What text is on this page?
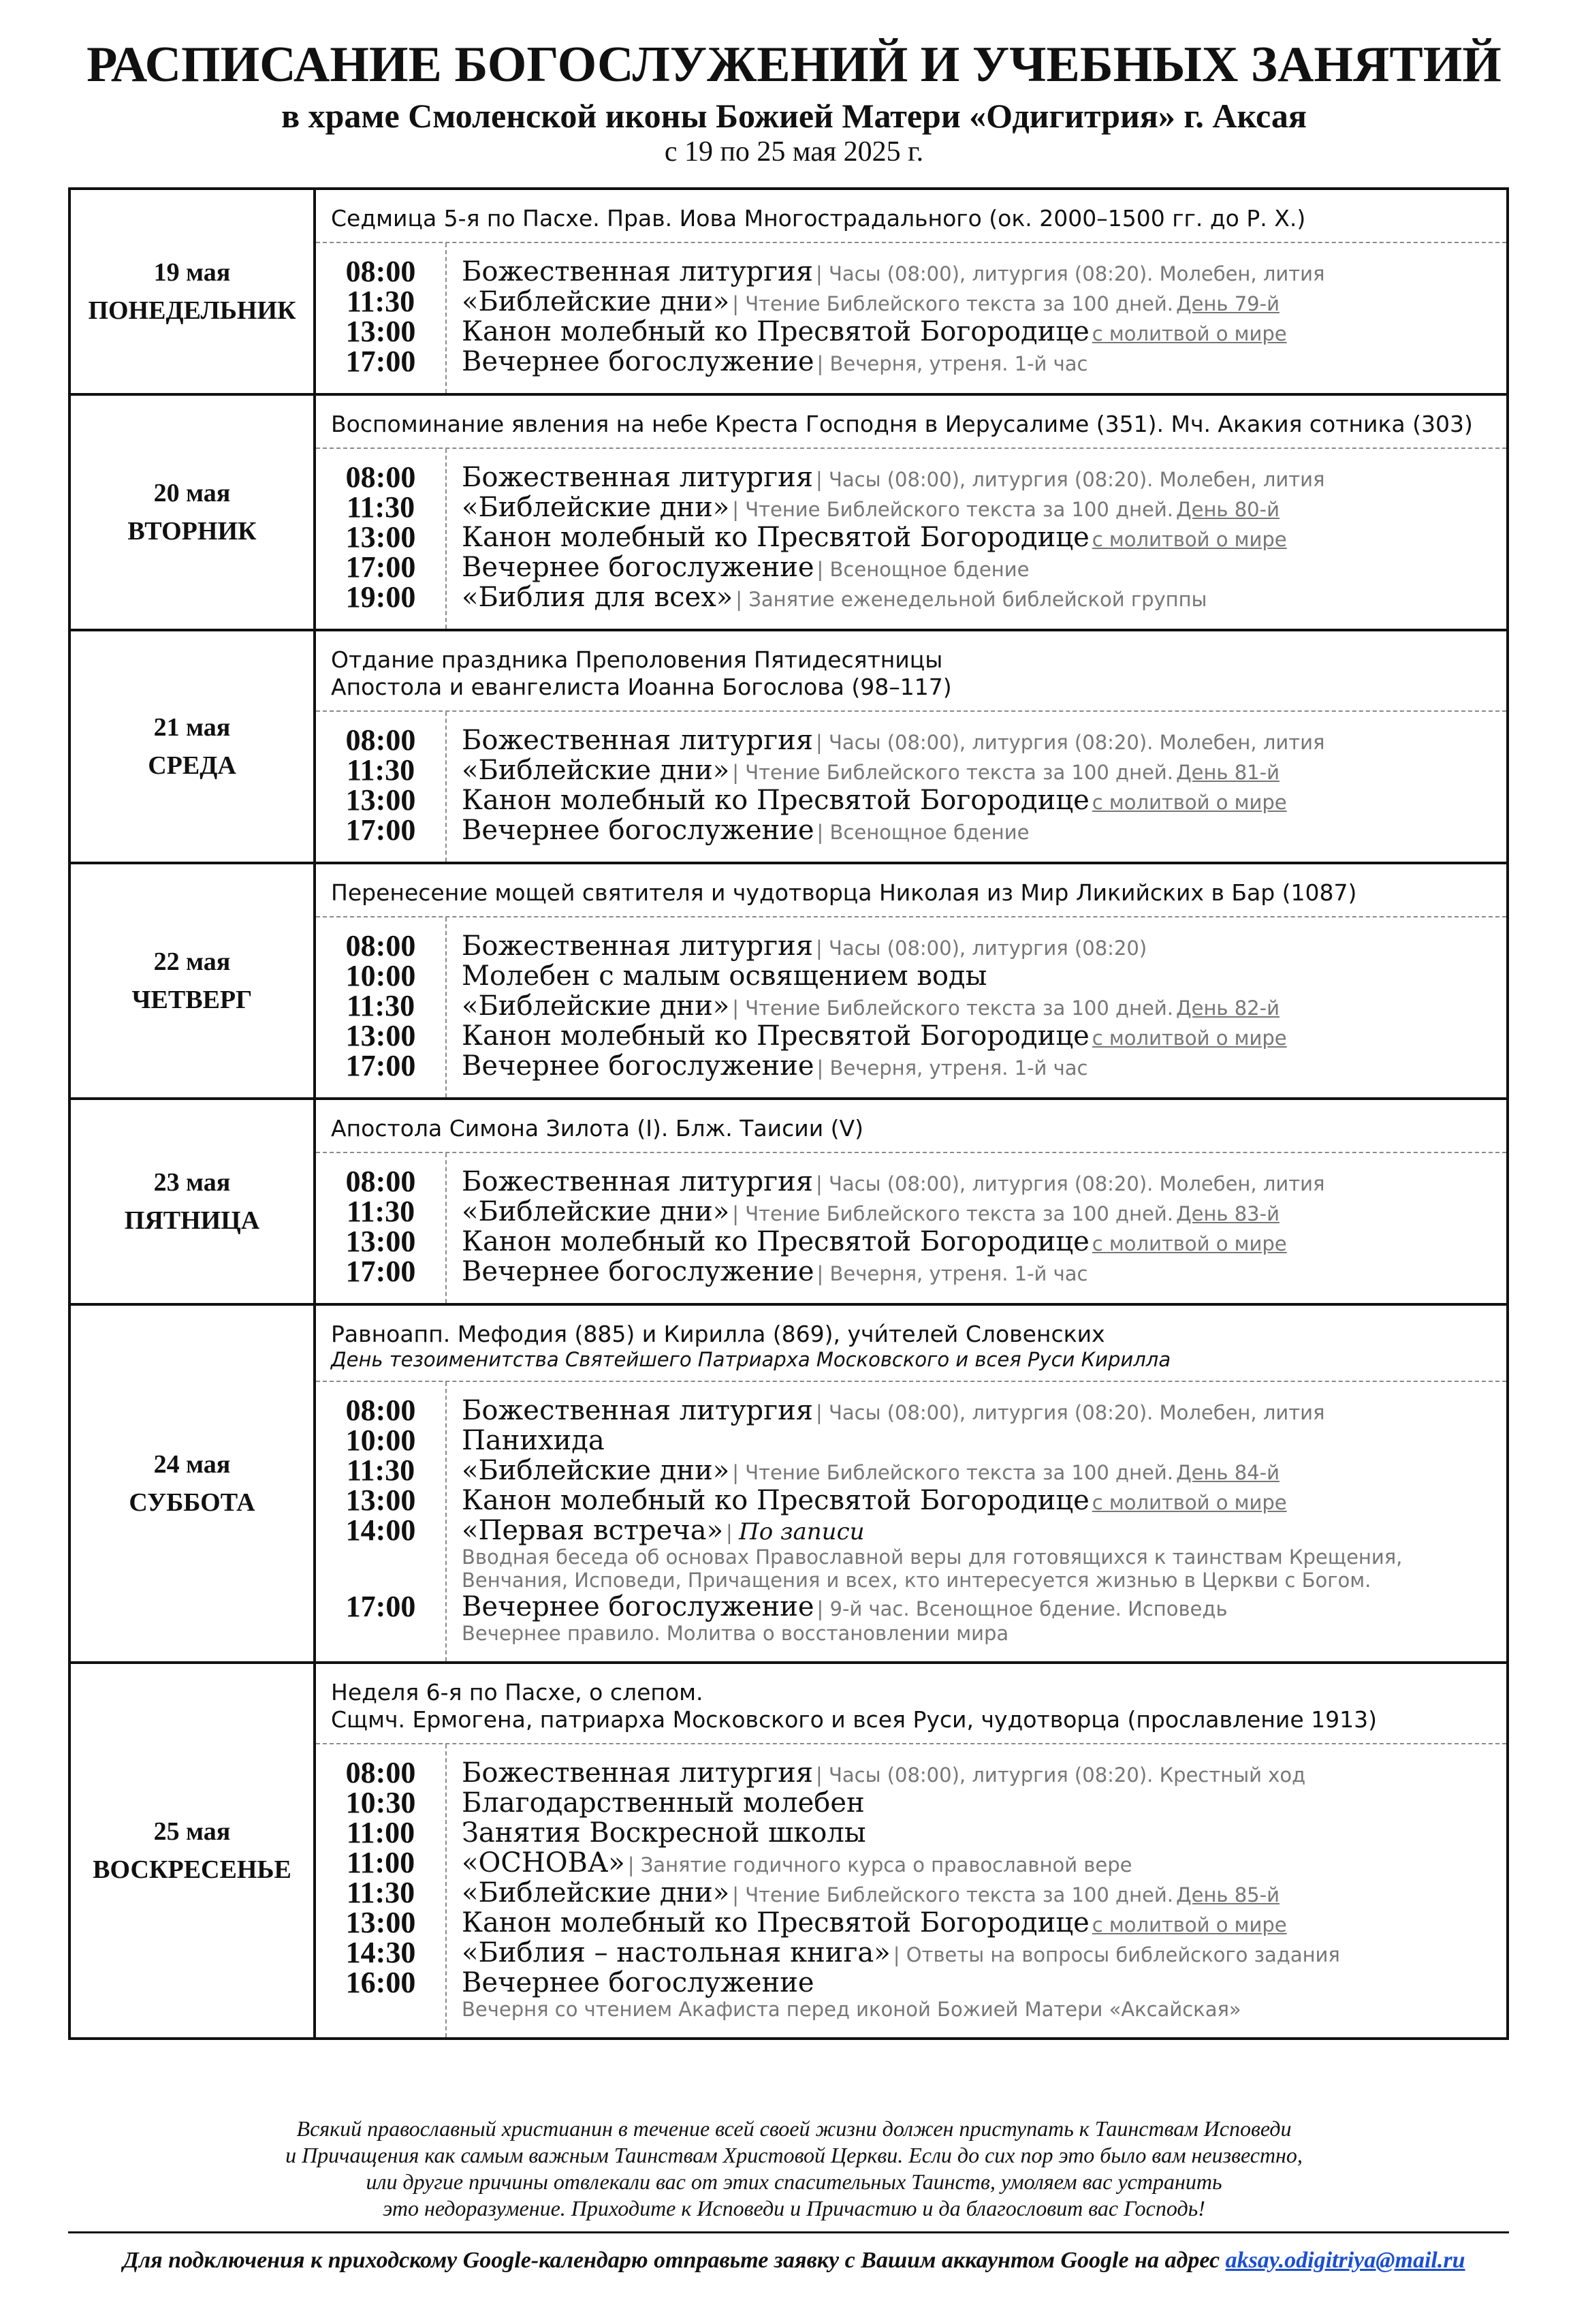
РАСПИСАНИЕ БОГОСЛУЖЕНИЙ И УЧЕБНЫХ ЗАНЯТИЙ
в храме Смоленской иконы Божией Матери «Одигитрия» г. Аксая
с 19 по 25 мая 2025 г.
19 мая
ПОНЕДЕЛЬНИК
Седмица 5-я по Пасхе. Прав. Иова Многострадального (ок. 2000–1500 гг. до Р. Х.)
08:00
11:30
13:00
17:00
Божественная литургия | Часы (08:00), литургия (08:20). Молебен, лития
«Библейские дни» | Чтение Библейского текста за 100 дней. День 79-й
Канон молебный ко Пресвятой Богородице с молитвой о мире
Вечернее богослужение | Вечерня, утреня. 1-й час
20 мая
ВТОРНИК
Воспоминание явления на небе Креста Господня в Иерусалиме (351). Мч. Акакия сотника (303)
08:00
11:30
13:00
17:00
19:00
Божественная литургия | Часы (08:00), литургия (08:20). Молебен, лития
«Библейские дни» | Чтение Библейского текста за 100 дней. День 80-й
Канон молебный ко Пресвятой Богородице с молитвой о мире
Вечернее богослужение | Всенощное бдение
«Библия для всех» | Занятие еженедельной библейской группы
21 мая
СРЕДА
Отдание праздника Преполовения Пятидесятницы
Апостола и евангелиста Иоанна Богослова (98–117)
08:00
11:30
13:00
17:00
Божественная литургия | Часы (08:00), литургия (08:20). Молебен, лития
«Библейские дни» | Чтение Библейского текста за 100 дней. День 81-й
Канон молебный ко Пресвятой Богородице с молитвой о мире
Вечернее богослужение | Всенощное бдение
22 мая
ЧЕТВЕРГ
Перенесение мощей святителя и чудотворца Николая из Мир Ликийских в Бар (1087)
08:00
10:00
11:30
13:00
17:00
Божественная литургия | Часы (08:00), литургия (08:20)
Молебен с малым освящением воды
«Библейские дни» | Чтение Библейского текста за 100 дней. День 82-й
Канон молебный ко Пресвятой Богородице с молитвой о мире
Вечернее богослужение | Вечерня, утреня. 1-й час
23 мая
ПЯТНИЦА
Апостола Симона Зилота (I). Блж. Таисии (V)
08:00
11:30
13:00
17:00
Божественная литургия | Часы (08:00), литургия (08:20). Молебен, лития
«Библейские дни» | Чтение Библейского текста за 100 дней. День 83-й
Канон молебный ко Пресвятой Богородице с молитвой о мире
Вечернее богослужение | Вечерня, утреня. 1-й час
24 мая
СУББОТА
Равноапп. Мефодия (885) и Кирилла (869), учи́телей Словенских
День тезоименитства Святейшего Патриарха Московского и всея Руси Кирилла
08:00
10:00
11:30
13:00
14:00
17:00
Божественная литургия | Часы (08:00), литургия (08:20). Молебен, лития
Панихида
«Библейские дни» | Чтение Библейского текста за 100 дней. День 84-й
Канон молебный ко Пресвятой Богородице с молитвой о мире
«Первая встреча» | По записи
Вводная беседа об основах Православной веры для готовящихся к таинствам Крещения,
Венчания, Исповеди, Причащения и всех, кто интересуется жизнью в Церкви с Богом.
Вечернее богослужение | 9-й час. Всенощное бдение. Исповедь
Вечернее правило. Молитва о восстановлении мира
25 мая
ВОСКРЕСЕНЬЕ
Неделя 6-я по Пасхе, о слепом.
Сщмч. Ермогена, патриарха Московского и всея Руси, чудотворца (прославление 1913)
08:00
10:30
11:00
11:00
11:30
13:00
14:30
16:00
Божественная литургия | Часы (08:00), литургия (08:20). Крестный ход
Благодарственный молебен
Занятия Воскресной школы
«ОСНОВА» | Занятие годичного курса о православной вере
«Библейские дни» | Чтение Библейского текста за 100 дней. День 85-й
Канон молебный ко Пресвятой Богородице с молитвой о мире
«Библия – настольная книга» | Ответы на вопросы библейского задания
Вечернее богослужение
Вечерня со чтением Акафиста перед иконой Божией Матери «Аксайская»
Всякий православный христианин в течение всей своей жизни должен приступать к Таинствам Исповеди
и Причащения как самым важным Таинствам Христовой Церкви. Если до сих пор это было вам неизвестно,
или другие причины отвлекали вас от этих спасительных Таинств, умоляем вас устранить
это недоразумение. Приходите к Исповеди и Причастию и да благословит вас Господь!
Для подключения к приходскому Google-календарю отправьте заявку с Вашим аккаунтом Google на адрес aksay.odigitriya@mail.ru
